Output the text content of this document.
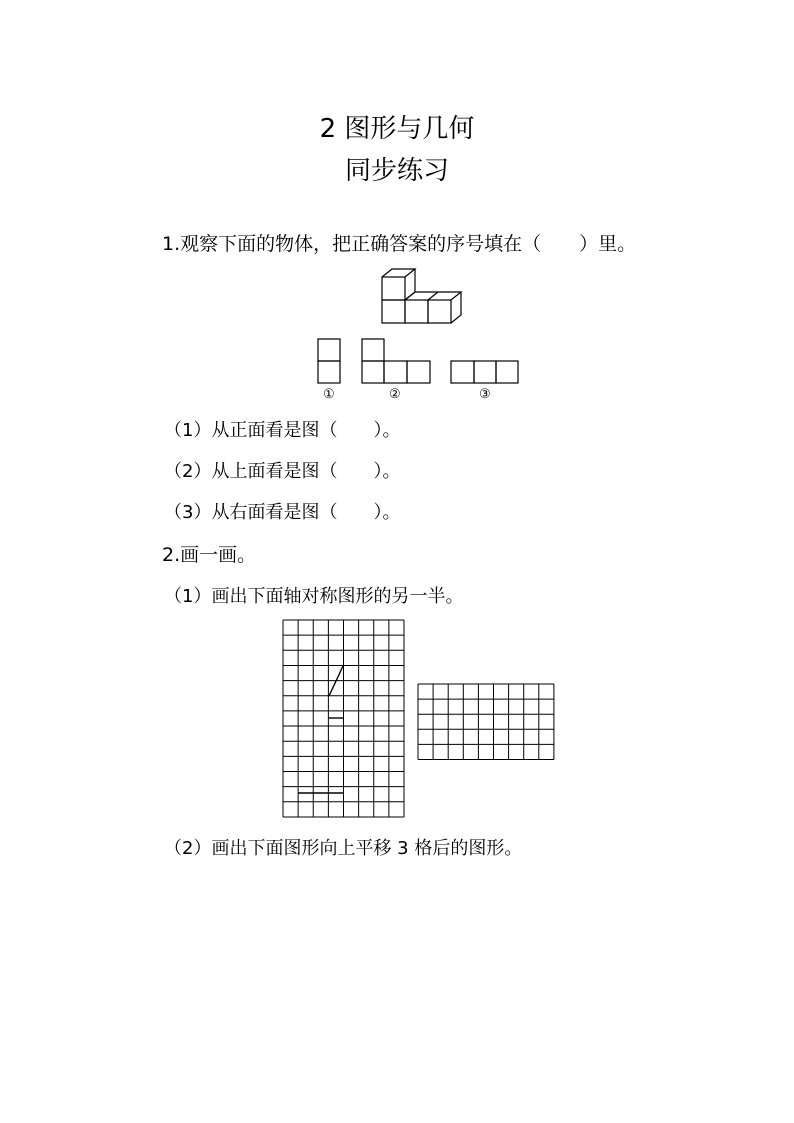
2 图形与几何
同步练习
1.观察下面的物体，把正确答案的序号填在（　　）里。
①	②	③
（1）从正面看是图（　　）。
（2）从上面看是图（　　）。
（3）从右面看是图（　　）。
2.画一画。
（1）画出下面轴对称图形的另一半。
（2）画出下面图形向上平移 3 格后的图形。
